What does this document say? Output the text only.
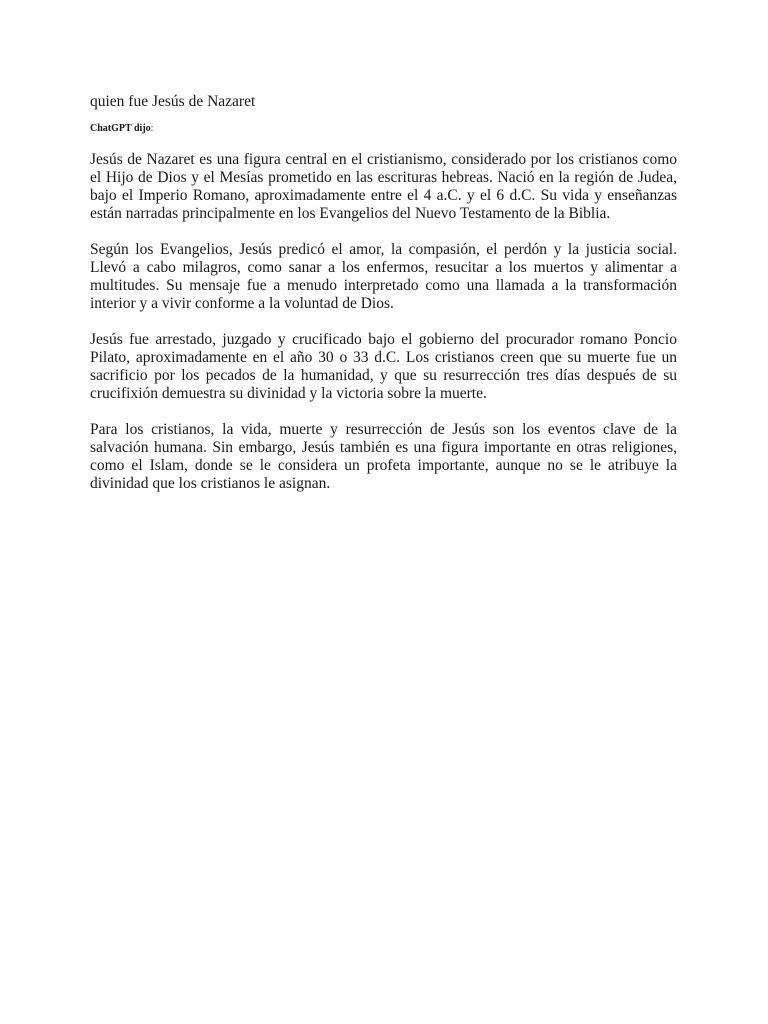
quien fue Jesús de Nazaret

ChatGPT dijo:

Jesús de Nazaret es una figura central en el cristianismo, considerado por los cristianos como el Hijo de Dios y el Mesías prometido en las escrituras hebreas. Nació en la región de Judea, bajo el Imperio Romano, aproximadamente entre el 4 a.C. y el 6 d.C. Su vida y enseñanzas están narradas principalmente en los Evangelios del Nuevo Testamento de la Biblia.

Según los Evangelios, Jesús predicó el amor, la compasión, el perdón y la justicia social. Llevó a cabo milagros, como sanar a los enfermos, resucitar a los muertos y alimentar a multitudes. Su mensaje fue a menudo interpretado como una llamada a la transformación interior y a vivir conforme a la voluntad de Dios.

Jesús fue arrestado, juzgado y crucificado bajo el gobierno del procurador romano Poncio Pilato, aproximadamente en el año 30 o 33 d.C. Los cristianos creen que su muerte fue un sacrificio por los pecados de la humanidad, y que su resurrección tres días después de su crucifixión demuestra su divinidad y la victoria sobre la muerte.

Para los cristianos, la vida, muerte y resurrección de Jesús son los eventos clave de la salvación humana. Sin embargo, Jesús también es una figura importante en otras religiones, como el Islam, donde se le considera un profeta importante, aunque no se le atribuye la divinidad que los cristianos le asignan.
